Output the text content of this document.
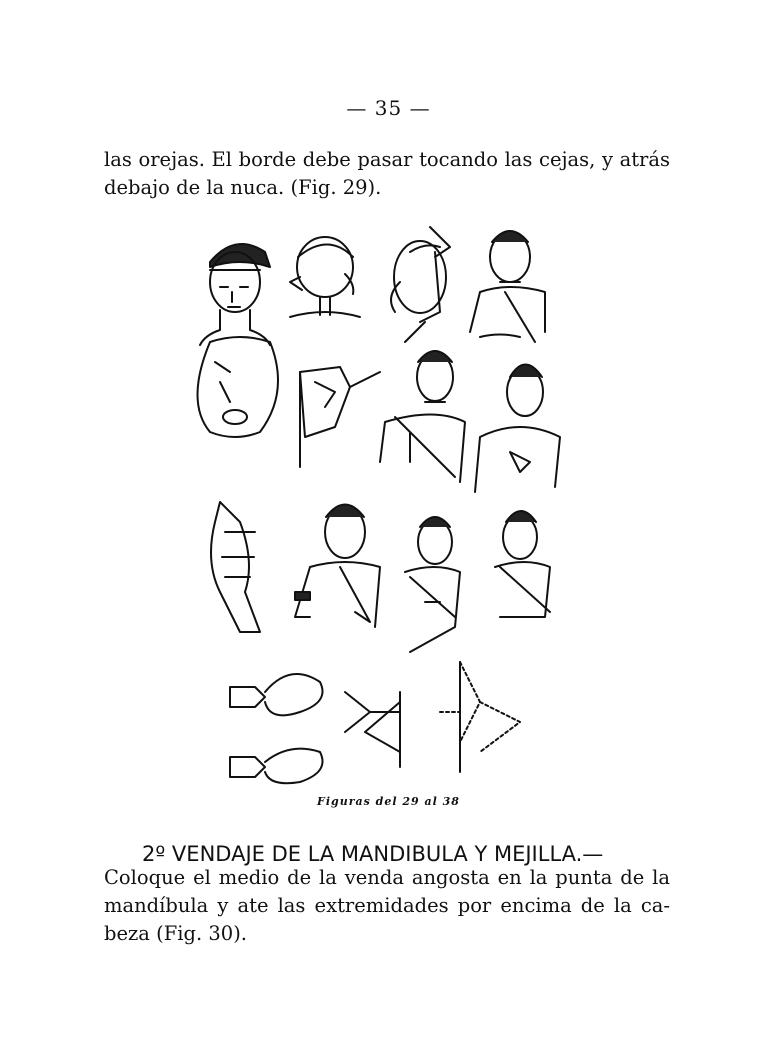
— 35 —
las orejas. El borde debe pasar tocando las cejas, y atrás
debajo de la nuca. (Fig. 29).
Figuras del 29 al 38
2º VENDAJE DE LA MANDIBULA Y MEJILLA.—
Coloque el medio de la venda angosta en la punta de la mandíbula y ate las extremidades por encima de la ca-
beza (Fig. 30).
